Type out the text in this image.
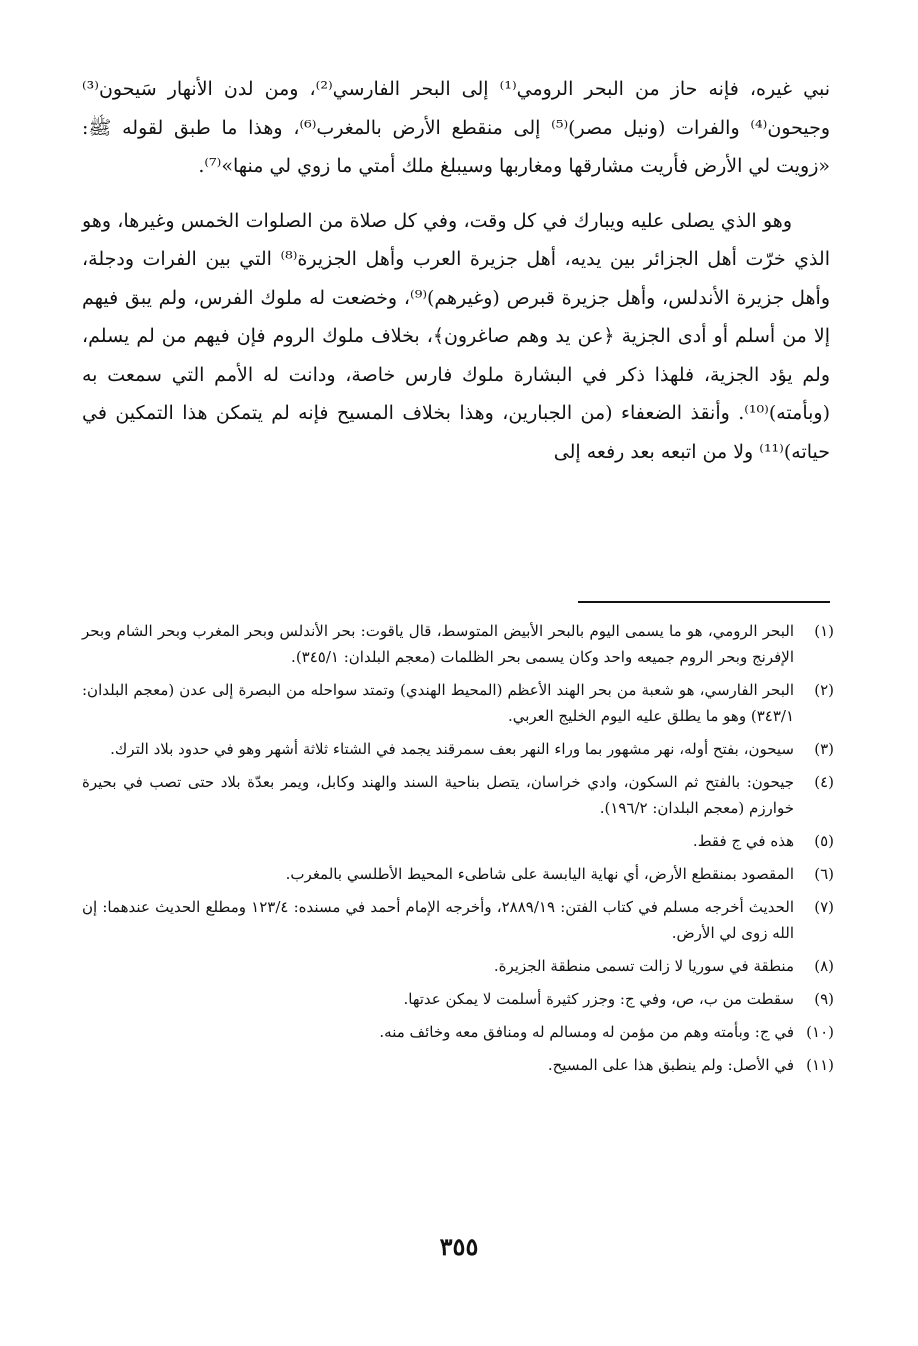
نبي غيره، فإنه حاز من البحر الرومي⁽¹⁾ إلى البحر الفارسي⁽²⁾، ومن لدن الأنهار سَيحون⁽³⁾ وجيحون⁽⁴⁾ والفرات (ونيل مصر)⁽⁵⁾ إلى منقطع الأرض بالمغرب⁽⁶⁾، وهذا ما طبق لقوله ﷺ: «زويت لي الأرض فأريت مشارقها ومغاربها وسيبلغ ملك أمتي ما زوي لي منها»⁽⁷⁾.

وهو الذي يصلى عليه ويبارك في كل وقت، وفي كل صلاة من الصلوات الخمس وغيرها، وهو الذي خرّت أهل الجزائر بين يديه، أهل جزيرة العرب وأهل الجزيرة⁽⁸⁾ التي بين الفرات ودجلة، وأهل جزيرة الأندلس، وأهل جزيرة قبرص (وغيرهم)⁽⁹⁾، وخضعت له ملوك الفرس، ولم يبق فيهم إلا من أسلم أو أدى الجزية ﴿عن يد وهم صاغرون﴾، بخلاف ملوك الروم فإن فيهم من لم يسلم، ولم يؤد الجزية، فلهذا ذكر في البشارة ملوك فارس خاصة، ودانت له الأمم التي سمعت به (وبأمته)⁽¹⁰⁾. وأنقذ الضعفاء (من الجبارين، وهذا بخلاف المسيح فإنه لم يتمكن هذا التمكين في حياته)⁽¹¹⁾ ولا من اتبعه بعد رفعه إلى

(١)
البحر الرومي، هو ما يسمى اليوم بالبحر الأبيض المتوسط، قال ياقوت: بحر الأندلس وبحر المغرب وبحر الشام وبحر الإفرنج وبحر الروم جميعه واحد وكان يسمى بحر الظلمات (معجم البلدان: ٣٤٥/١).
(٢)
البحر الفارسي، هو شعبة من بحر الهند الأعظم (المحيط الهندي) وتمتد سواحله من البصرة إلى عدن (معجم البلدان: ٣٤٣/١) وهو ما يطلق عليه اليوم الخليج العربي.
(٣)
سيحون، بفتح أوله، نهر مشهور بما وراء النهر بعف سمرقند يجمد في الشتاء ثلاثة أشهر وهو في حدود بلاد الترك.
(٤)
جيحون: بالفتح ثم السكون، وادي خراسان، يتصل بناحية السند والهند وكابل، ويمر بعدّة بلاد حتى تصب في بحيرة خوارزم (معجم البلدان: ١٩٦/٢).
(٥)
هذه في ج فقط.
(٦)
المقصود بمنقطع الأرض، أي نهاية اليابسة على شاطىء المحيط الأطلسي بالمغرب.
(٧)
الحديث أخرجه مسلم في كتاب الفتن: ٢٨٨٩/١٩، وأخرجه الإمام أحمد في مسنده: ١٢٣/٤ ومطلع الحديث عندهما: إن الله زوى لي الأرض.
(٨)
منطقة في سوريا لا زالت تسمى منطقة الجزيرة.
(٩)
سقطت من ب، ص، وفي ج: وجزر كثيرة أسلمت لا يمكن عدتها.
(١٠)
في ج: وبأمته وهم من مؤمن له ومسالم له ومنافق معه وخائف منه.
(١١)
في الأصل: ولم ينطبق هذا على المسيح.
٣٥٥
